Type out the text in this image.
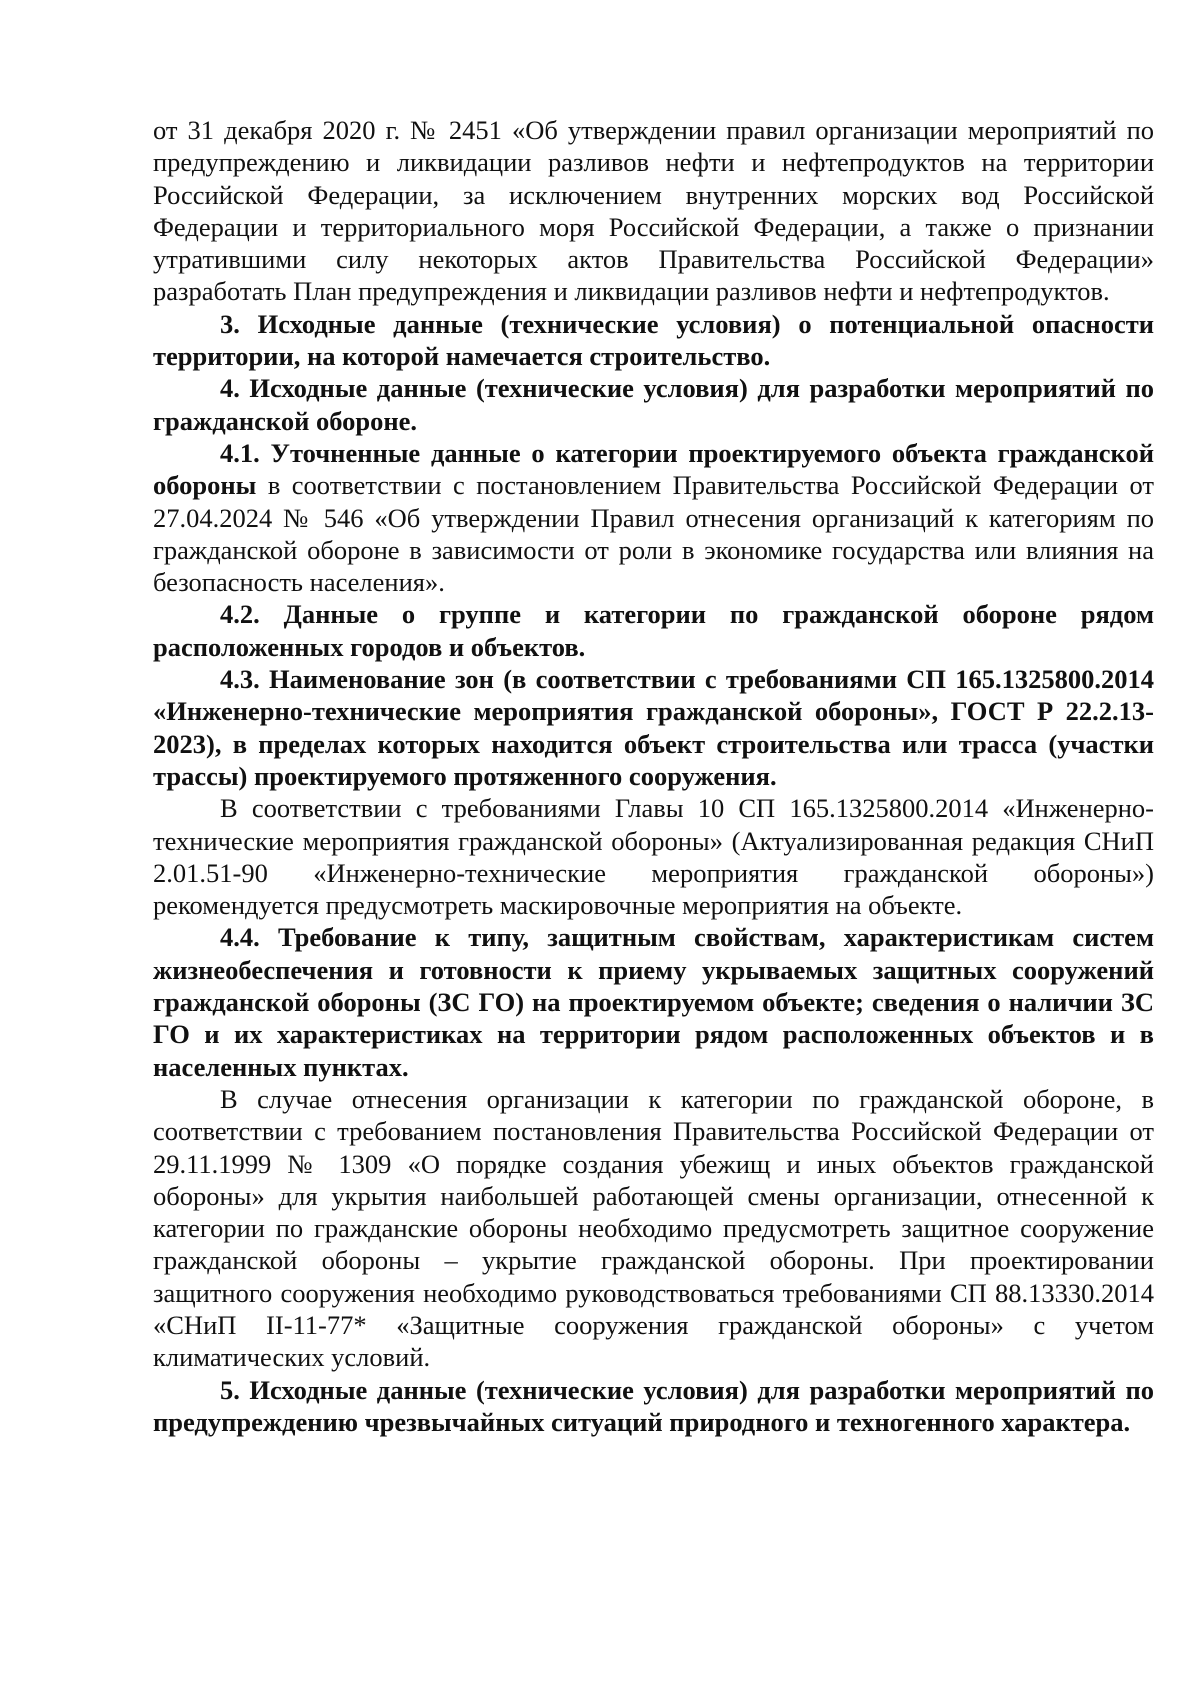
от 31 декабря 2020 г. № 2451 «Об утверждении правил организации мероприятий по предупреждению и ликвидации разливов нефти и нефтепродуктов на территории Российской Федерации, за исключением внутренних морских вод Российской Федерации и территориального моря Российской Федерации, а также о признании утратившими силу некоторых актов Правительства Российской Федерации» разработать План предупреждения и ликвидации разливов нефти и нефтепродуктов.

3. Исходные данные (технические условия) о потенциальной опасности территории, на которой намечается строительство.

4. Исходные данные (технические условия) для разработки мероприятий по гражданской обороне.

4.1. Уточненные данные о категории проектируемого объекта гражданской обороны в соответствии с постановлением Правительства Российской Федерации от 27.04.2024 № 546 «Об утверждении Правил отнесения организаций к категориям по гражданской обороне в зависимости от роли в экономике государства или влияния на безопасность населения».

4.2. Данные о группе и категории по гражданской обороне рядом расположенных городов и объектов.

4.3. Наименование зон (в соответствии с требованиями СП 165.1325800.2014 «Инженерно-технические мероприятия гражданской обороны», ГОСТ Р 22.2.13-2023), в пределах которых находится объект строительства или трасса (участки трассы) проектируемого протяженного сооружения.

В соответствии с требованиями Главы 10 СП 165.1325800.2014 «Инженерно-технические мероприятия гражданской обороны» (Актуализированная редакция СНиП 2.01.51-90 «Инженерно-технические мероприятия гражданской обороны») рекомендуется предусмотреть маскировочные мероприятия на объекте.

4.4. Требование к типу, защитным свойствам, характеристикам систем жизнеобеспечения и готовности к приему укрываемых защитных сооружений гражданской обороны (ЗС ГО) на проектируемом объекте; сведения о наличии ЗС ГО и их характеристиках на территории рядом расположенных объектов и в населенных пунктах.

В случае отнесения организации к категории по гражданской обороне, в соответствии с требованием постановления Правительства Российской Федерации от 29.11.1999 № 1309 «О порядке создания убежищ и иных объектов гражданской обороны» для укрытия наибольшей работающей смены организации, отнесенной к категории по гражданские обороны необходимо предусмотреть защитное сооружение гражданской обороны – укрытие гражданской обороны. При проектировании защитного сооружения необходимо руководствоваться требованиями СП 88.13330.2014 «СНиП II-11-77* «Защитные сооружения гражданской обороны» с учетом климатических условий.

5. Исходные данные (технические условия) для разработки мероприятий по предупреждению чрезвычайных ситуаций природного и техногенного характера.
